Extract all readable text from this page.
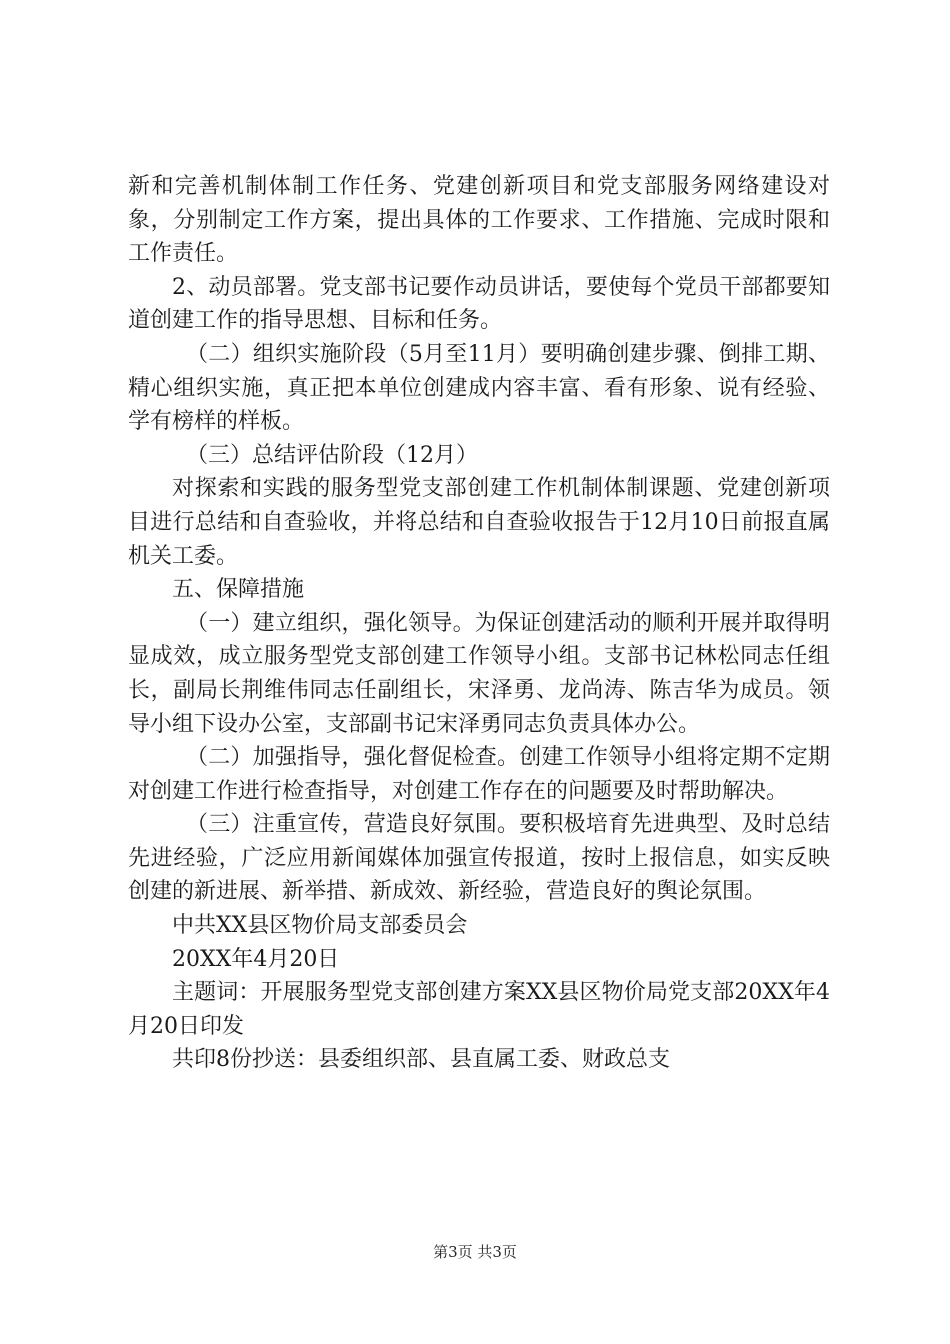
新和完善机制体制工作任务、党建创新项目和党支部服务网络建设对象，分别制定工作方案，提出具体的工作要求、工作措施、完成时限和工作责任。

2、动员部署。党支部书记要作动员讲话，要使每个党员干部都要知道创建工作的指导思想、目标和任务。

（二）组织实施阶段（5月至11月）要明确创建步骤、倒排工期、精心组织实施，真正把本单位创建成内容丰富、看有形象、说有经验、学有榜样的样板。

（三）总结评估阶段（12月）

对探索和实践的服务型党支部创建工作机制体制课题、党建创新项目进行总结和自查验收，并将总结和自查验收报告于12月10日前报直属机关工委。

五、保障措施

（一）建立组织，强化领导。为保证创建活动的顺利开展并取得明显成效，成立服务型党支部创建工作领导小组。支部书记林松同志任组长，副局长荆维伟同志任副组长，宋泽勇、龙尚涛、陈吉华为成员。领导小组下设办公室，支部副书记宋泽勇同志负责具体办公。

（二）加强指导，强化督促检查。创建工作领导小组将定期不定期对创建工作进行检查指导，对创建工作存在的问题要及时帮助解决。

（三）注重宣传，营造良好氛围。要积极培育先进典型、及时总结先进经验，广泛应用新闻媒体加强宣传报道，按时上报信息，如实反映创建的新进展、新举措、新成效、新经验，营造良好的舆论氛围。

中共XX县区物价局支部委员会

20XX年4月20日

主题词：开展服务型党支部创建方案XX县区物价局党支部20XX年4月20日印发

共印8份抄送：县委组织部、县直属工委、财政总支

第3页 共3页
